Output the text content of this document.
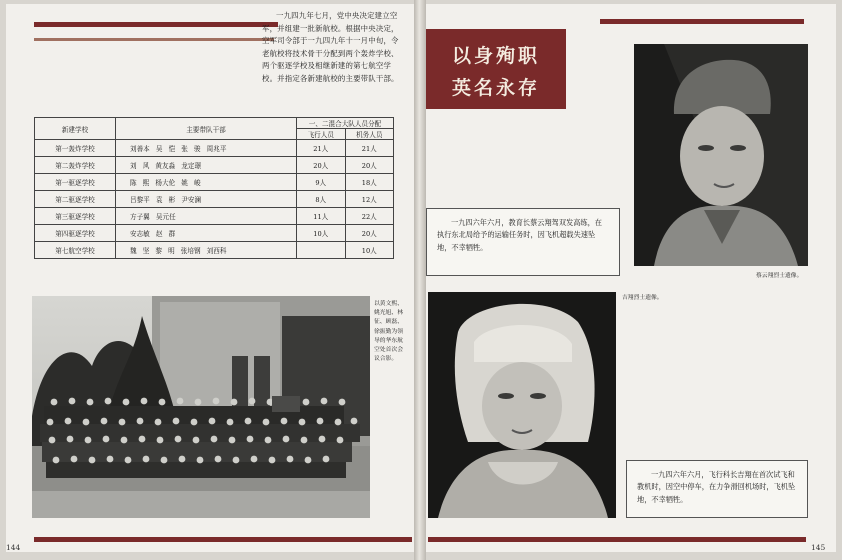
一九四九年七月，党中央决定建立空军，并组建一批新航校。根据中央决定，空军司令部于一九四九年十一月中旬，令老航校将技术骨干分配到两个轰炸学校、两个驱逐学校及相继新建的第七航空学校。并指定各新建航校的主要带队干部。

新建学校	主要带队干部	一、二混合大队人员分配	
		飞行人员	机务人员
第一轰炸学校	刘善本 吴 恺 张 骏 周兆平	21人	21人
第二轰炸学校	刘 风 黄友淼 龙定璟	20人	20人
第一驱逐学校	陈 熙 杨大伦 姚 峻	9人	18人
第二驱逐学校	吕黎平 袁 彬 尹安澜	8人	12人
第三驱逐学校	方子翼 吴元任	11人	22人
第四驱逐学校	安志敏 赵 群	10人	20人
第七航空学校	魏 坚 黎 明 张培钢 刘西科		10人

以黄文熙、姚光旭、林征、顾磊、徐振勤为领导的华东航空处首次会议合影。

144
以身殉职
英名永存

蔡云翔烈士遗像。

一九四六年六月，教育长蔡云翔驾双发高练，在执行东北局给予的运输任务时，因飞机超载失速坠地，不幸牺牲。

吉翔烈士遗像。

一九四六年六月，飞行科长吉翔在首次试飞和教机时，因空中停车，在力争滑回机场时，飞机坠地，不幸牺牲。

145
